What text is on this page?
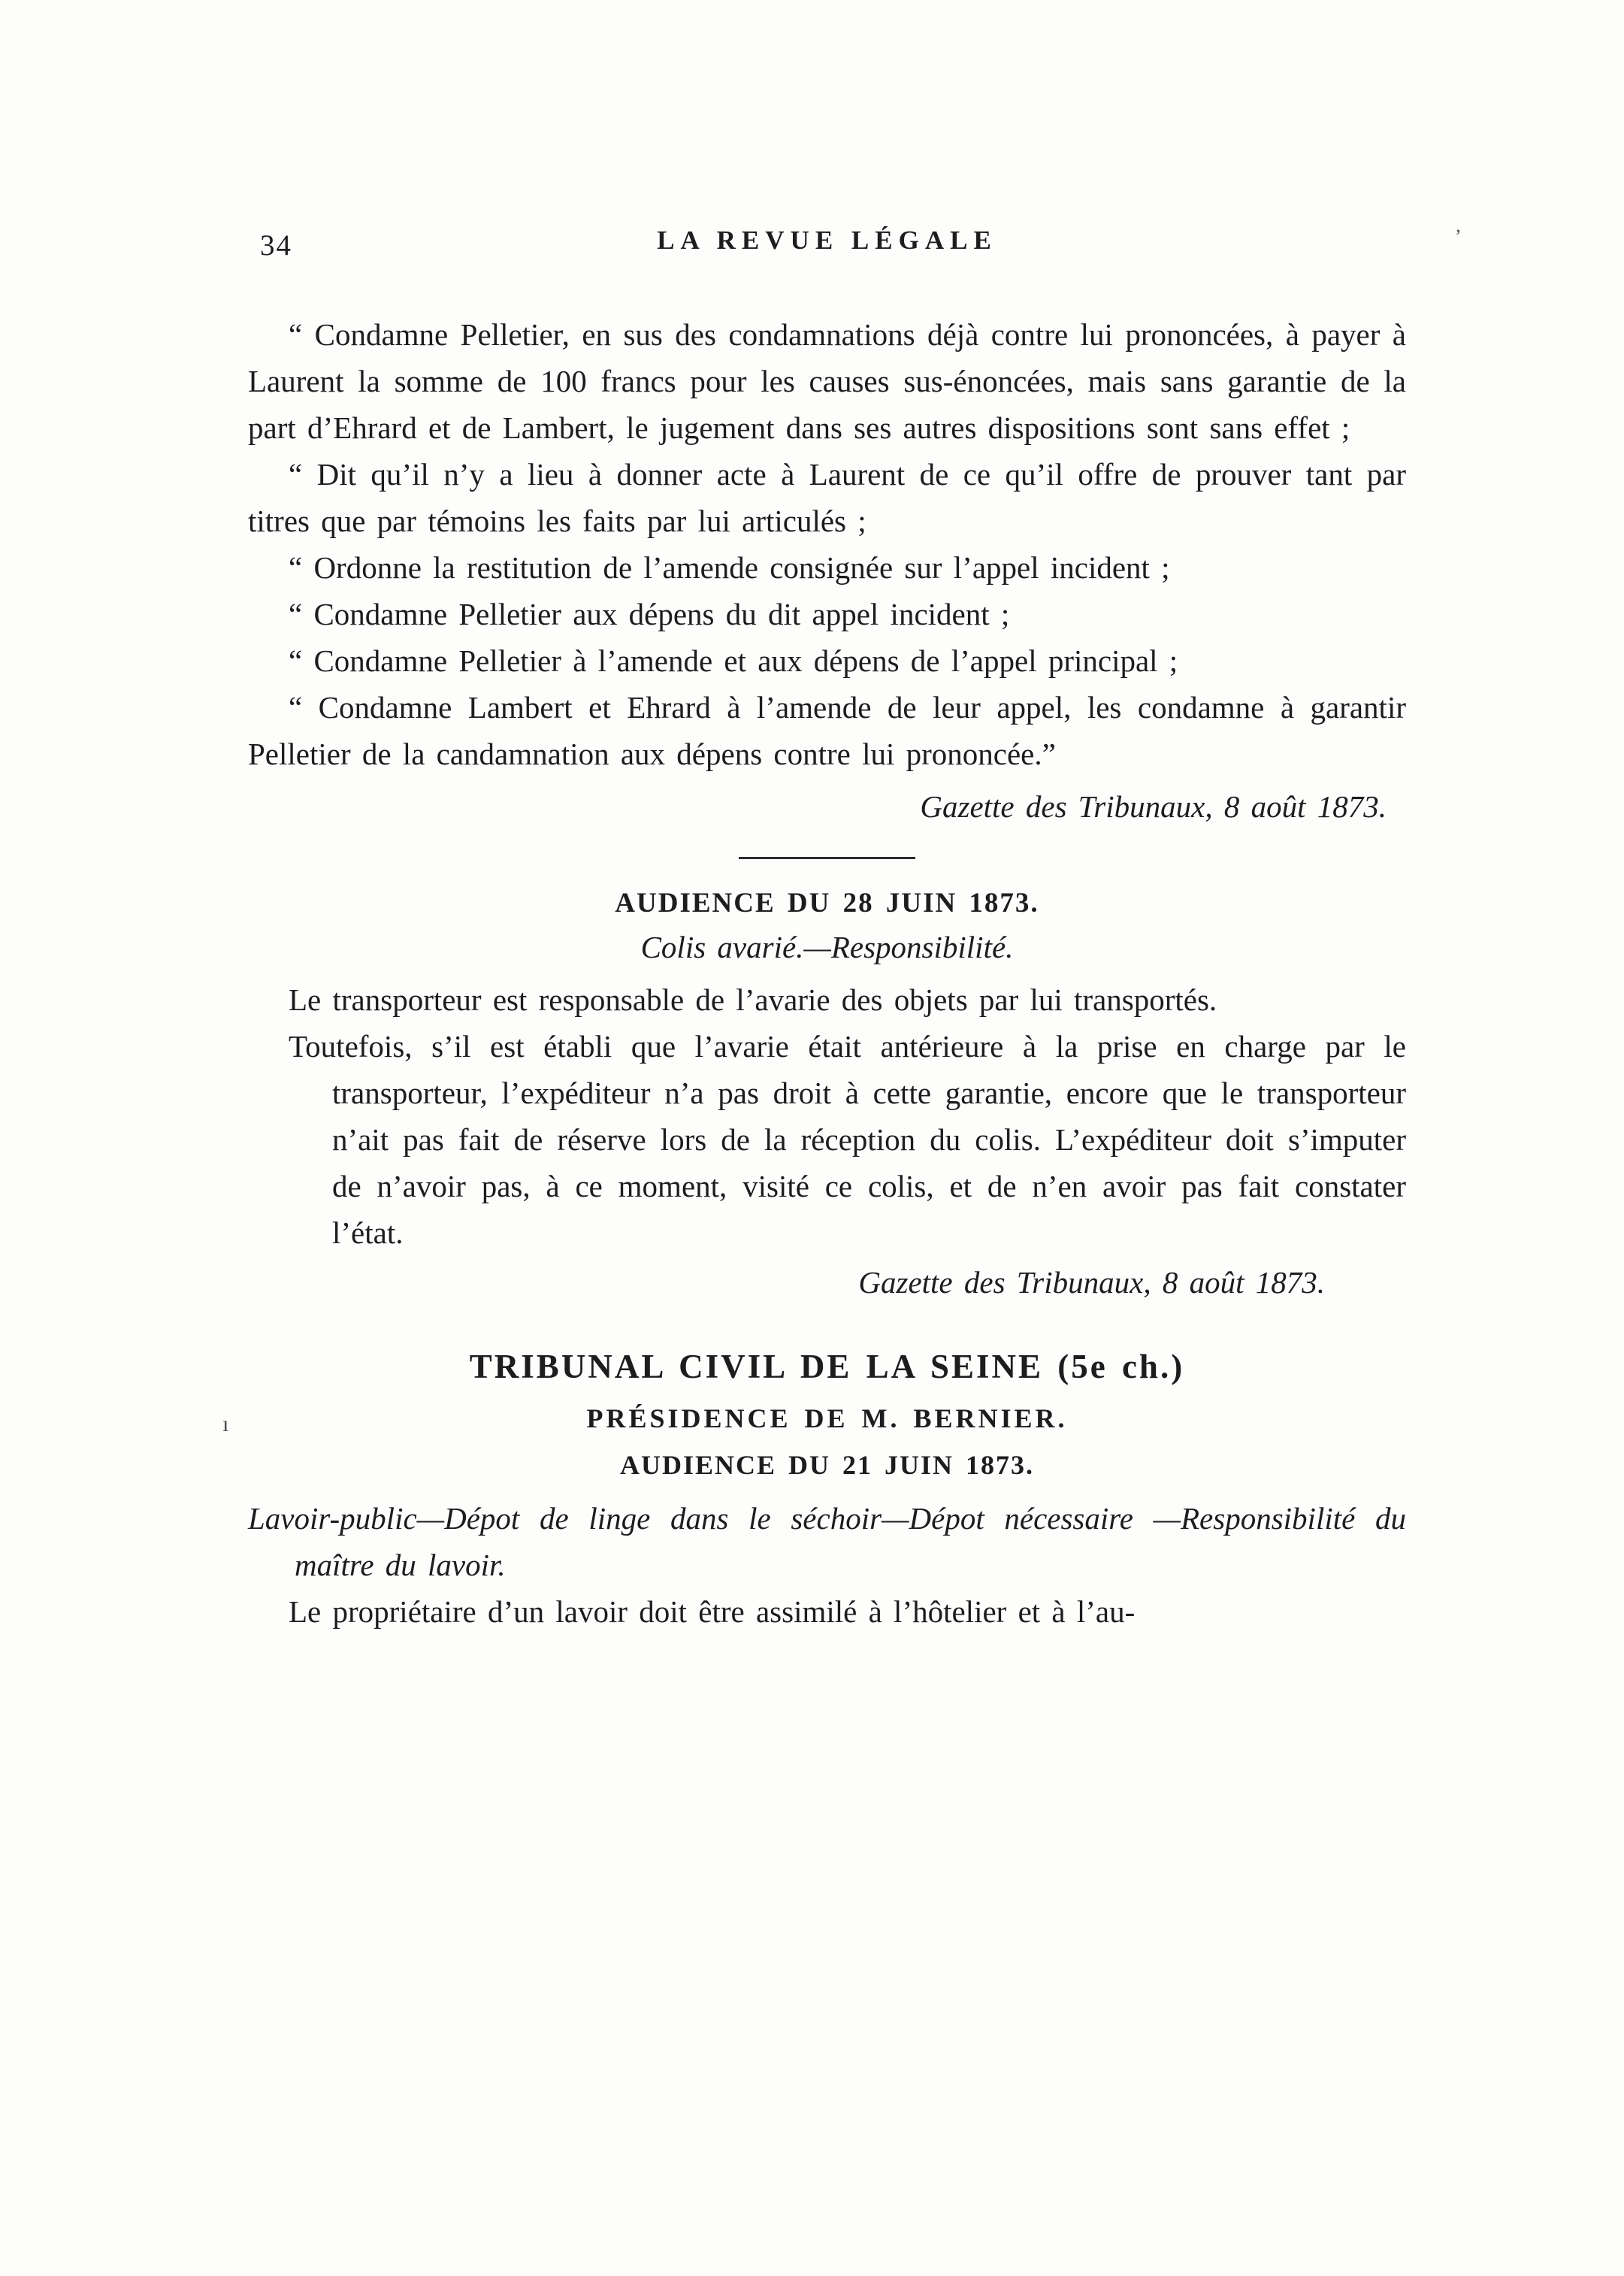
’
ı
34	LA REVUE LÉGALE

“ Condamne Pelletier, en sus des condamnations déjà contre lui prononcées, à payer à Laurent la somme de 100 francs pour les causes sus-énoncées, mais sans garantie de la part d’Ehrard et de Lambert, le jugement dans ses autres dispositions sont sans effet ;

“ Dit qu’il n’y a lieu à donner acte à Laurent de ce qu’il offre de prouver tant par titres que par témoins les faits par lui articulés ;

“ Ordonne la restitution de l’amende consignée sur l’appel incident ;

“ Condamne Pelletier aux dépens du dit appel incident ;

“ Condamne Pelletier à l’amende et aux dépens de l’appel principal ;

“ Condamne Lambert et Ehrard à l’amende de leur appel, les condamne à garantir Pelletier de la candamnation aux dépens contre lui prononcée.”

Gazette des Tribunaux, 8 août 1873.

AUDIENCE DU 28 JUIN 1873.
Colis avarié.—Responsibilité.

Le transporteur est responsable de l’avarie des objets par lui transportés.

Toutefois, s’il est établi que l’avarie était antérieure à la prise en charge par le transporteur, l’expéditeur n’a pas droit à cette garantie, encore que le transporteur n’ait pas fait de réserve lors de la réception du colis. L’expéditeur doit s’imputer de n’avoir pas, à ce moment, visité ce colis, et de n’en avoir pas fait constater l’état.

Gazette des Tribunaux, 8 août 1873.

TRIBUNAL CIVIL DE LA SEINE (5e ch.)
PRÉSIDENCE DE M. BERNIER.
AUDIENCE DU 21 JUIN 1873.

Lavoir-public—Dépot de linge dans le séchoir—Dépot nécessaire —Responsibilité du maître du lavoir.

Le propriétaire d’un lavoir doit être assimilé à l’hôtelier et à l’au-
